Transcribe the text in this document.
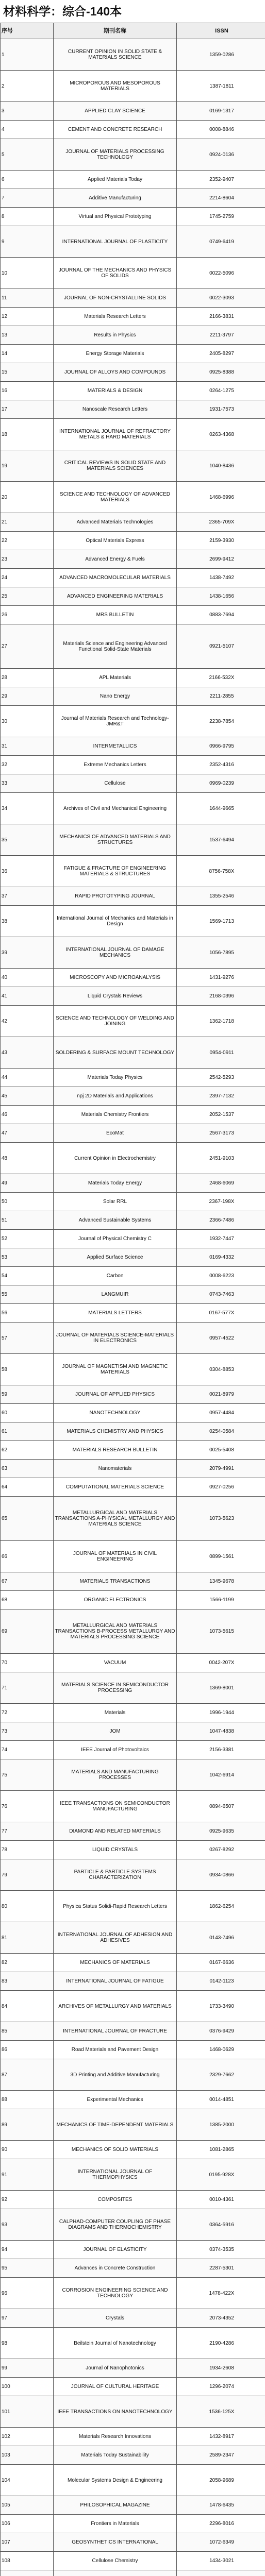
材料科学：综合-140本
序号	期刊名称	ISSN
1	CURRENT OPINION IN SOLID STATE & MATERIALS SCIENCE	1359-0286
2	MICROPOROUS AND MESOPOROUS MATERIALS	1387-1811
3	APPLIED CLAY SCIENCE	0169-1317
4	CEMENT AND CONCRETE RESEARCH	0008-8846
5	JOURNAL OF MATERIALS PROCESSING TECHNOLOGY	0924-0136
6	Applied Materials Today	2352-9407
7	Additive Manufacturing	2214-8604
8	Virtual and Physical Prototyping	1745-2759
9	INTERNATIONAL JOURNAL OF PLASTICITY	0749-6419
10	JOURNAL OF THE MECHANICS AND PHYSICS OF SOLIDS	0022-5096
11	JOURNAL OF NON-CRYSTALLINE SOLIDS	0022-3093
12	Materials Research Letters	2166-3831
13	Results in Physics	2211-3797
14	Energy Storage Materials	2405-8297
15	JOURNAL OF ALLOYS AND COMPOUNDS	0925-8388
16	MATERIALS & DESIGN	0264-1275
17	Nanoscale Research Letters	1931-7573
18	INTERNATIONAL JOURNAL OF REFRACTORY METALS & HARD MATERIALS	0263-4368
19	CRITICAL REVIEWS IN SOLID STATE AND MATERIALS SCIENCES	1040-8436
20	SCIENCE AND TECHNOLOGY OF ADVANCED MATERIALS	1468-6996
21	Advanced Materials Technologies	2365-709X
22	Optical Materials Express	2159-3930
23	Advanced Energy & Fuels	2699-9412
24	ADVANCED MACROMOLECULAR MATERIALS	1438-7492
25	ADVANCED ENGINEERING MATERIALS	1438-1656
26	MRS BULLETIN	0883-7694
27	Materials Science and Engineering Advanced Functional Solid-State Materials	0921-5107
28	APL Materials	2166-532X
29	Nano Energy	2211-2855
30	Journal of Materials Research and Technology-JMR&T	2238-7854
31	INTERMETALLICS	0966-9795
32	Extreme Mechanics Letters	2352-4316
33	Cellulose	0969-0239
34	Archives of Civil and Mechanical Engineering	1644-9665
35	MECHANICS OF ADVANCED MATERIALS AND STRUCTURES	1537-6494
36	FATIGUE & FRACTURE OF ENGINEERING MATERIALS & STRUCTURES	8756-758X
37	RAPID PROTOTYPING JOURNAL	1355-2546
38	International Journal of Mechanics and Materials in Design	1569-1713
39	INTERNATIONAL JOURNAL OF DAMAGE MECHANICS	1056-7895
40	MICROSCOPY AND MICROANALYSIS	1431-9276
41	Liquid Crystals Reviews	2168-0396
42	SCIENCE AND TECHNOLOGY OF WELDING AND JOINING	1362-1718
43	SOLDERING & SURFACE MOUNT TECHNOLOGY	0954-0911
44	Materials Today Physics	2542-5293
45	npj 2D Materials and Applications	2397-7132
46	Materials Chemistry Frontiers	2052-1537
47	EcoMat	2567-3173
48	Current Opinion in Electrochemistry	2451-9103
49	Materials Today Energy	2468-6069
50	Solar RRL	2367-198X
51	Advanced Sustainable Systems	2366-7486
52	Journal of Physical Chemistry C	1932-7447
53	Applied Surface Science	0169-4332
54	Carbon	0008-6223
55	LANGMUIR	0743-7463
56	MATERIALS LETTERS	0167-577X
57	JOURNAL OF MATERIALS SCIENCE-MATERIALS IN ELECTRONICS	0957-4522
58	JOURNAL OF MAGNETISM AND MAGNETIC MATERIALS	0304-8853
59	JOURNAL OF APPLIED PHYSICS	0021-8979
60	NANOTECHNOLOGY	0957-4484
61	MATERIALS CHEMISTRY AND PHYSICS	0254-0584
62	MATERIALS RESEARCH BULLETIN	0025-5408
63	Nanomaterials	2079-4991
64	COMPUTATIONAL MATERIALS SCIENCE	0927-0256
65	METALLURGICAL AND MATERIALS TRANSACTIONS A-PHYSICAL METALLURGY AND MATERIALS SCIENCE	1073-5623
66	JOURNAL OF MATERIALS IN CIVIL ENGINEERING	0899-1561
67	MATERIALS TRANSACTIONS	1345-9678
68	ORGANIC ELECTRONICS	1566-1199
69	METALLURGICAL AND MATERIALS TRANSACTIONS B-PROCESS METALLURGY AND MATERIALS PROCESSING SCIENCE	1073-5615
70	VACUUM	0042-207X
71	MATERIALS SCIENCE IN SEMICONDUCTOR PROCESSING	1369-8001
72	Materials	1996-1944
73	JOM	1047-4838
74	IEEE Journal of Photovoltaics	2156-3381
75	MATERIALS AND MANUFACTURING PROCESSES	1042-6914
76	IEEE TRANSACTIONS ON SEMICONDUCTOR MANUFACTURING	0894-6507
77	DIAMOND AND RELATED MATERIALS	0925-9635
78	LIQUID CRYSTALS	0267-8292
79	PARTICLE & PARTICLE SYSTEMS CHARACTERIZATION	0934-0866
80	Physica Status Solidi-Rapid Research Letters	1862-6254
81	INTERNATIONAL JOURNAL OF ADHESION AND ADHESIVES	0143-7496
82	MECHANICS OF MATERIALS	0167-6636
83	INTERNATIONAL JOURNAL OF FATIGUE	0142-1123
84	ARCHIVES OF METALLURGY AND MATERIALS	1733-3490
85	INTERNATIONAL JOURNAL OF FRACTURE	0376-9429
86	Road Materials and Pavement Design	1468-0629
87	3D Printing and Additive Manufacturing	2329-7662
88	Experimental Mechanics	0014-4851
89	MECHANICS OF TIME-DEPENDENT MATERIALS	1385-2000
90	MECHANICS OF SOLID MATERIALS	1081-2865
91	INTERNATIONAL JOURNAL OF THERMOPHYSICS	0195-928X
92	COMPOSITES	0010-4361
93	CALPHAD-COMPUTER COUPLING OF PHASE DIAGRAMS AND THERMOCHEMISTRY	0364-5916
94	JOURNAL OF ELASTICITY	0374-3535
95	Advances in Concrete Construction	2287-5301
96	CORROSION ENGINEERING SCIENCE AND TECHNOLOGY	1478-422X
97	Crystals	2073-4352
98	Beilstein Journal of Nanotechnology	2190-4286
99	Journal of Nanophotonics	1934-2608
100	JOURNAL OF CULTURAL HERITAGE	1296-2074
101	IEEE TRANSACTIONS ON NANOTECHNOLOGY	1536-125X
102	Materials Research Innovations	1432-8917
103	Materials Today Sustainability	2589-2347
104	Molecular Systems Design & Engineering	2058-9689
105	PHILOSOPHICAL MAGAZINE	1478-6435
106	Frontiers in Materials	2296-8016
107	GEOSYNTHETICS INTERNATIONAL	1072-6349
108	Cellulose Chemistry	1434-3021
